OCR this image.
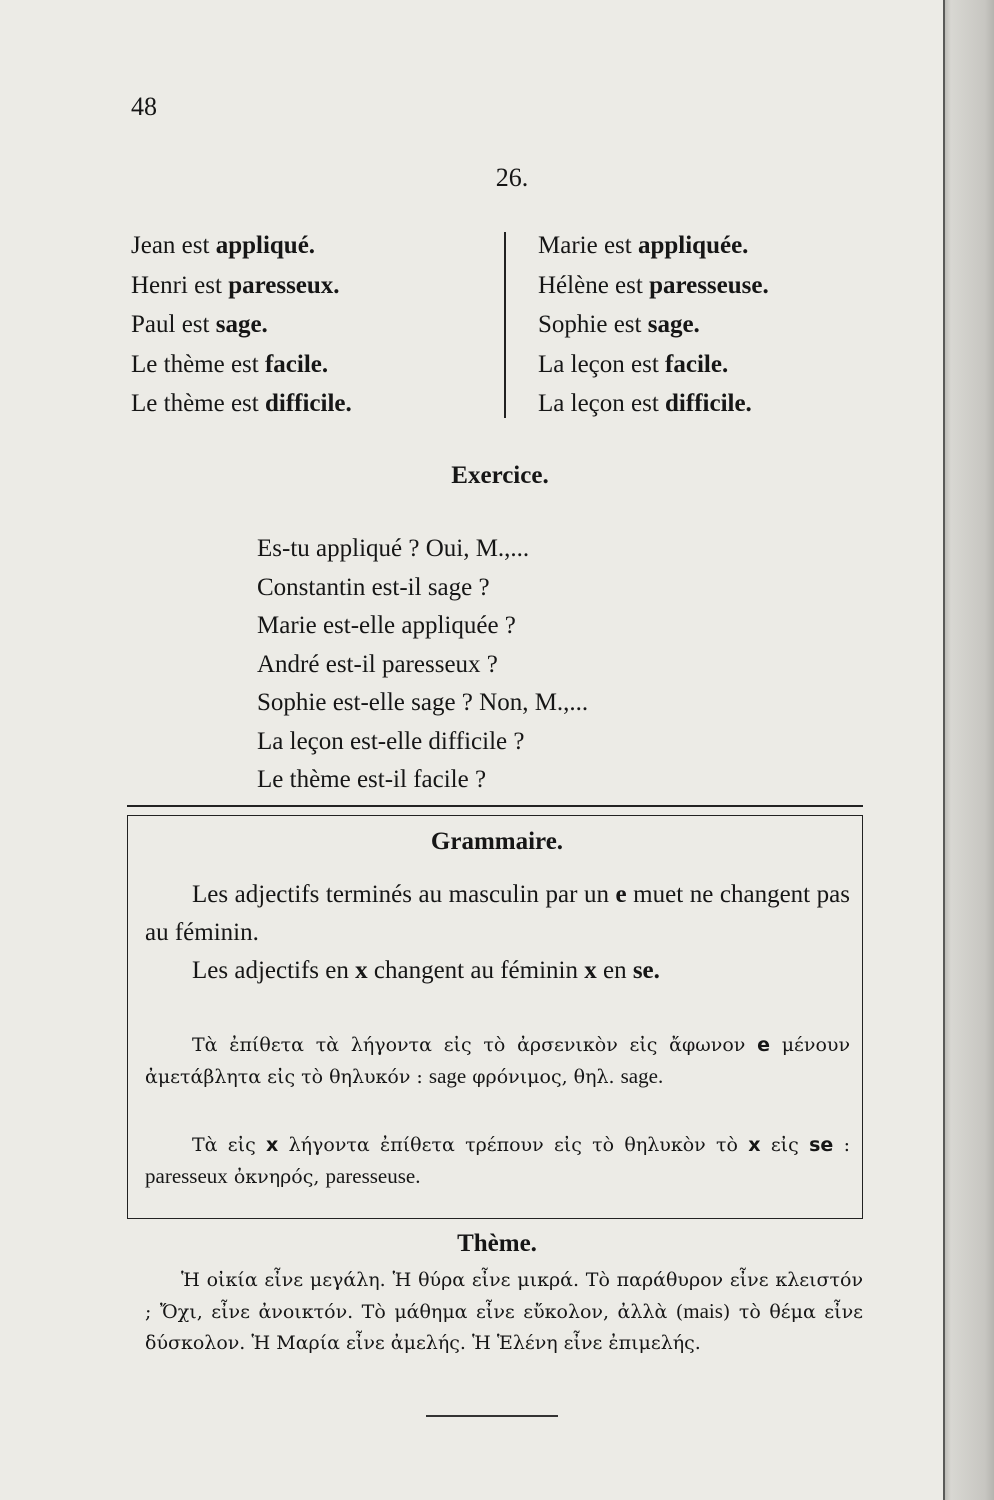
48
26.
Jean est appliqué.
Henri est paresseux.
Paul est sage.
Le thème est facile.
Le thème est difficile.
Marie est appliquée.
Hélène est paresseuse.
Sophie est sage.
La leçon est facile.
La leçon est difficile.
Exercice.
Es-tu appliqué ? Oui, M.,...
Constantin est-il sage ?
Marie est-elle appliquée ?
André est-il paresseux ?
Sophie est-elle sage ? Non, M.,...
La leçon est-elle difficile ?
Le thème est-il facile ?
Grammaire.
Les adjectifs terminés au masculin par un e muet ne changent pas au féminin.
Les adjectifs en x changent au féminin x en se.
Τὰ ἐπίθετα τὰ λήγοντα εἰς τὸ ἀρσενικὸν εἰς ἄφωνον e μένουν ἀμετάβλητα εἰς τὸ θηλυκόν : sage φρόνιμος, θηλ. sage.
Τὰ εἰς x λήγοντα ἐπίθετα τρέπουν εἰς τὸ θηλυκὸν τὸ x εἰς se : paresseux ὀκνηρός, paresseuse.
Thème.
Ἡ οἰκία εἶνε μεγάλη. Ἡ θύρα εἶνε μικρά. Τὸ παράθυρον εἶνε κλειστόν ; Ὄχι, εἶνε ἀνοικτόν. Τὸ μάθημα εἶνε εὔκολον, ἀλλὰ (mais) τὸ θέμα εἶνε δύσκολον. Ἡ Μαρία εἶνε ἀμελής. Ἡ Ἑλένη εἶνε ἐπιμελής.
